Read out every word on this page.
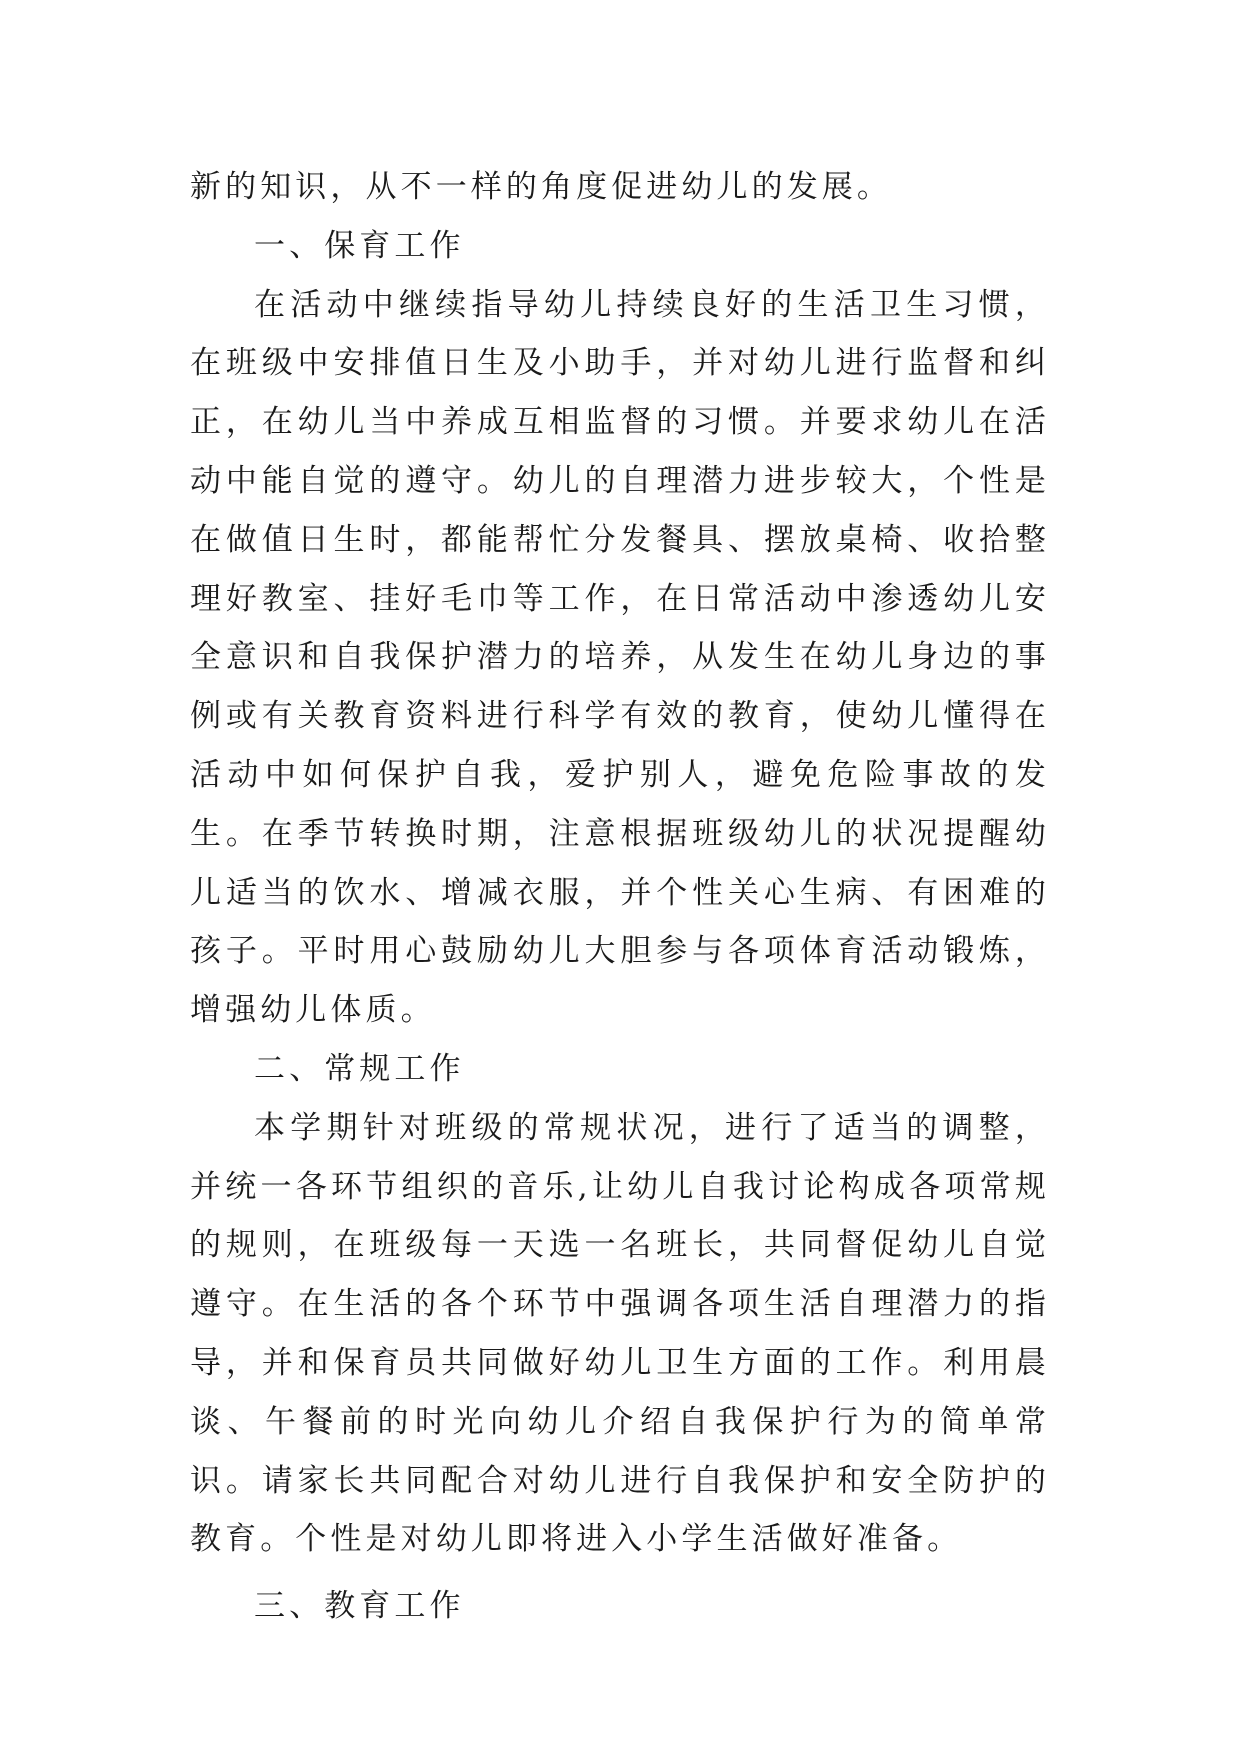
新的知识，从不一样的角度促进幼儿的发展。

一、保育工作

在活动中继续指导幼儿持续良好的生活卫生习惯，在班级中安排值日生及小助手，并对幼儿进行监督和纠正，在幼儿当中养成互相监督的习惯。并要求幼儿在活动中能自觉的遵守。幼儿的自理潜力进步较大，个性是在做值日生时，都能帮忙分发餐具、摆放桌椅、收拾整理好教室、挂好毛巾等工作，在日常活动中渗透幼儿安全意识和自我保护潜力的培养，从发生在幼儿身边的事例或有关教育资料进行科学有效的教育，使幼儿懂得在活动中如何保护自我，爱护别人，避免危险事故的发生。在季节转换时期，注意根据班级幼儿的状况提醒幼儿适当的饮水、增减衣服，并个性关心生病、有困难的孩子。平时用心鼓励幼儿大胆参与各项体育活动锻炼，增强幼儿体质。

二、常规工作

本学期针对班级的常规状况，进行了适当的调整，并统一各环节组织的音乐,让幼儿自我讨论构成各项常规的规则，在班级每一天选一名班长，共同督促幼儿自觉遵守。在生活的各个环节中强调各项生活自理潜力的指导，并和保育员共同做好幼儿卫生方面的工作。利用晨谈、午餐前的时光向幼儿介绍自我保护行为的简单常识。请家长共同配合对幼儿进行自我保护和安全防护的教育。个性是对幼儿即将进入小学生活做好准备。

三、教育工作
